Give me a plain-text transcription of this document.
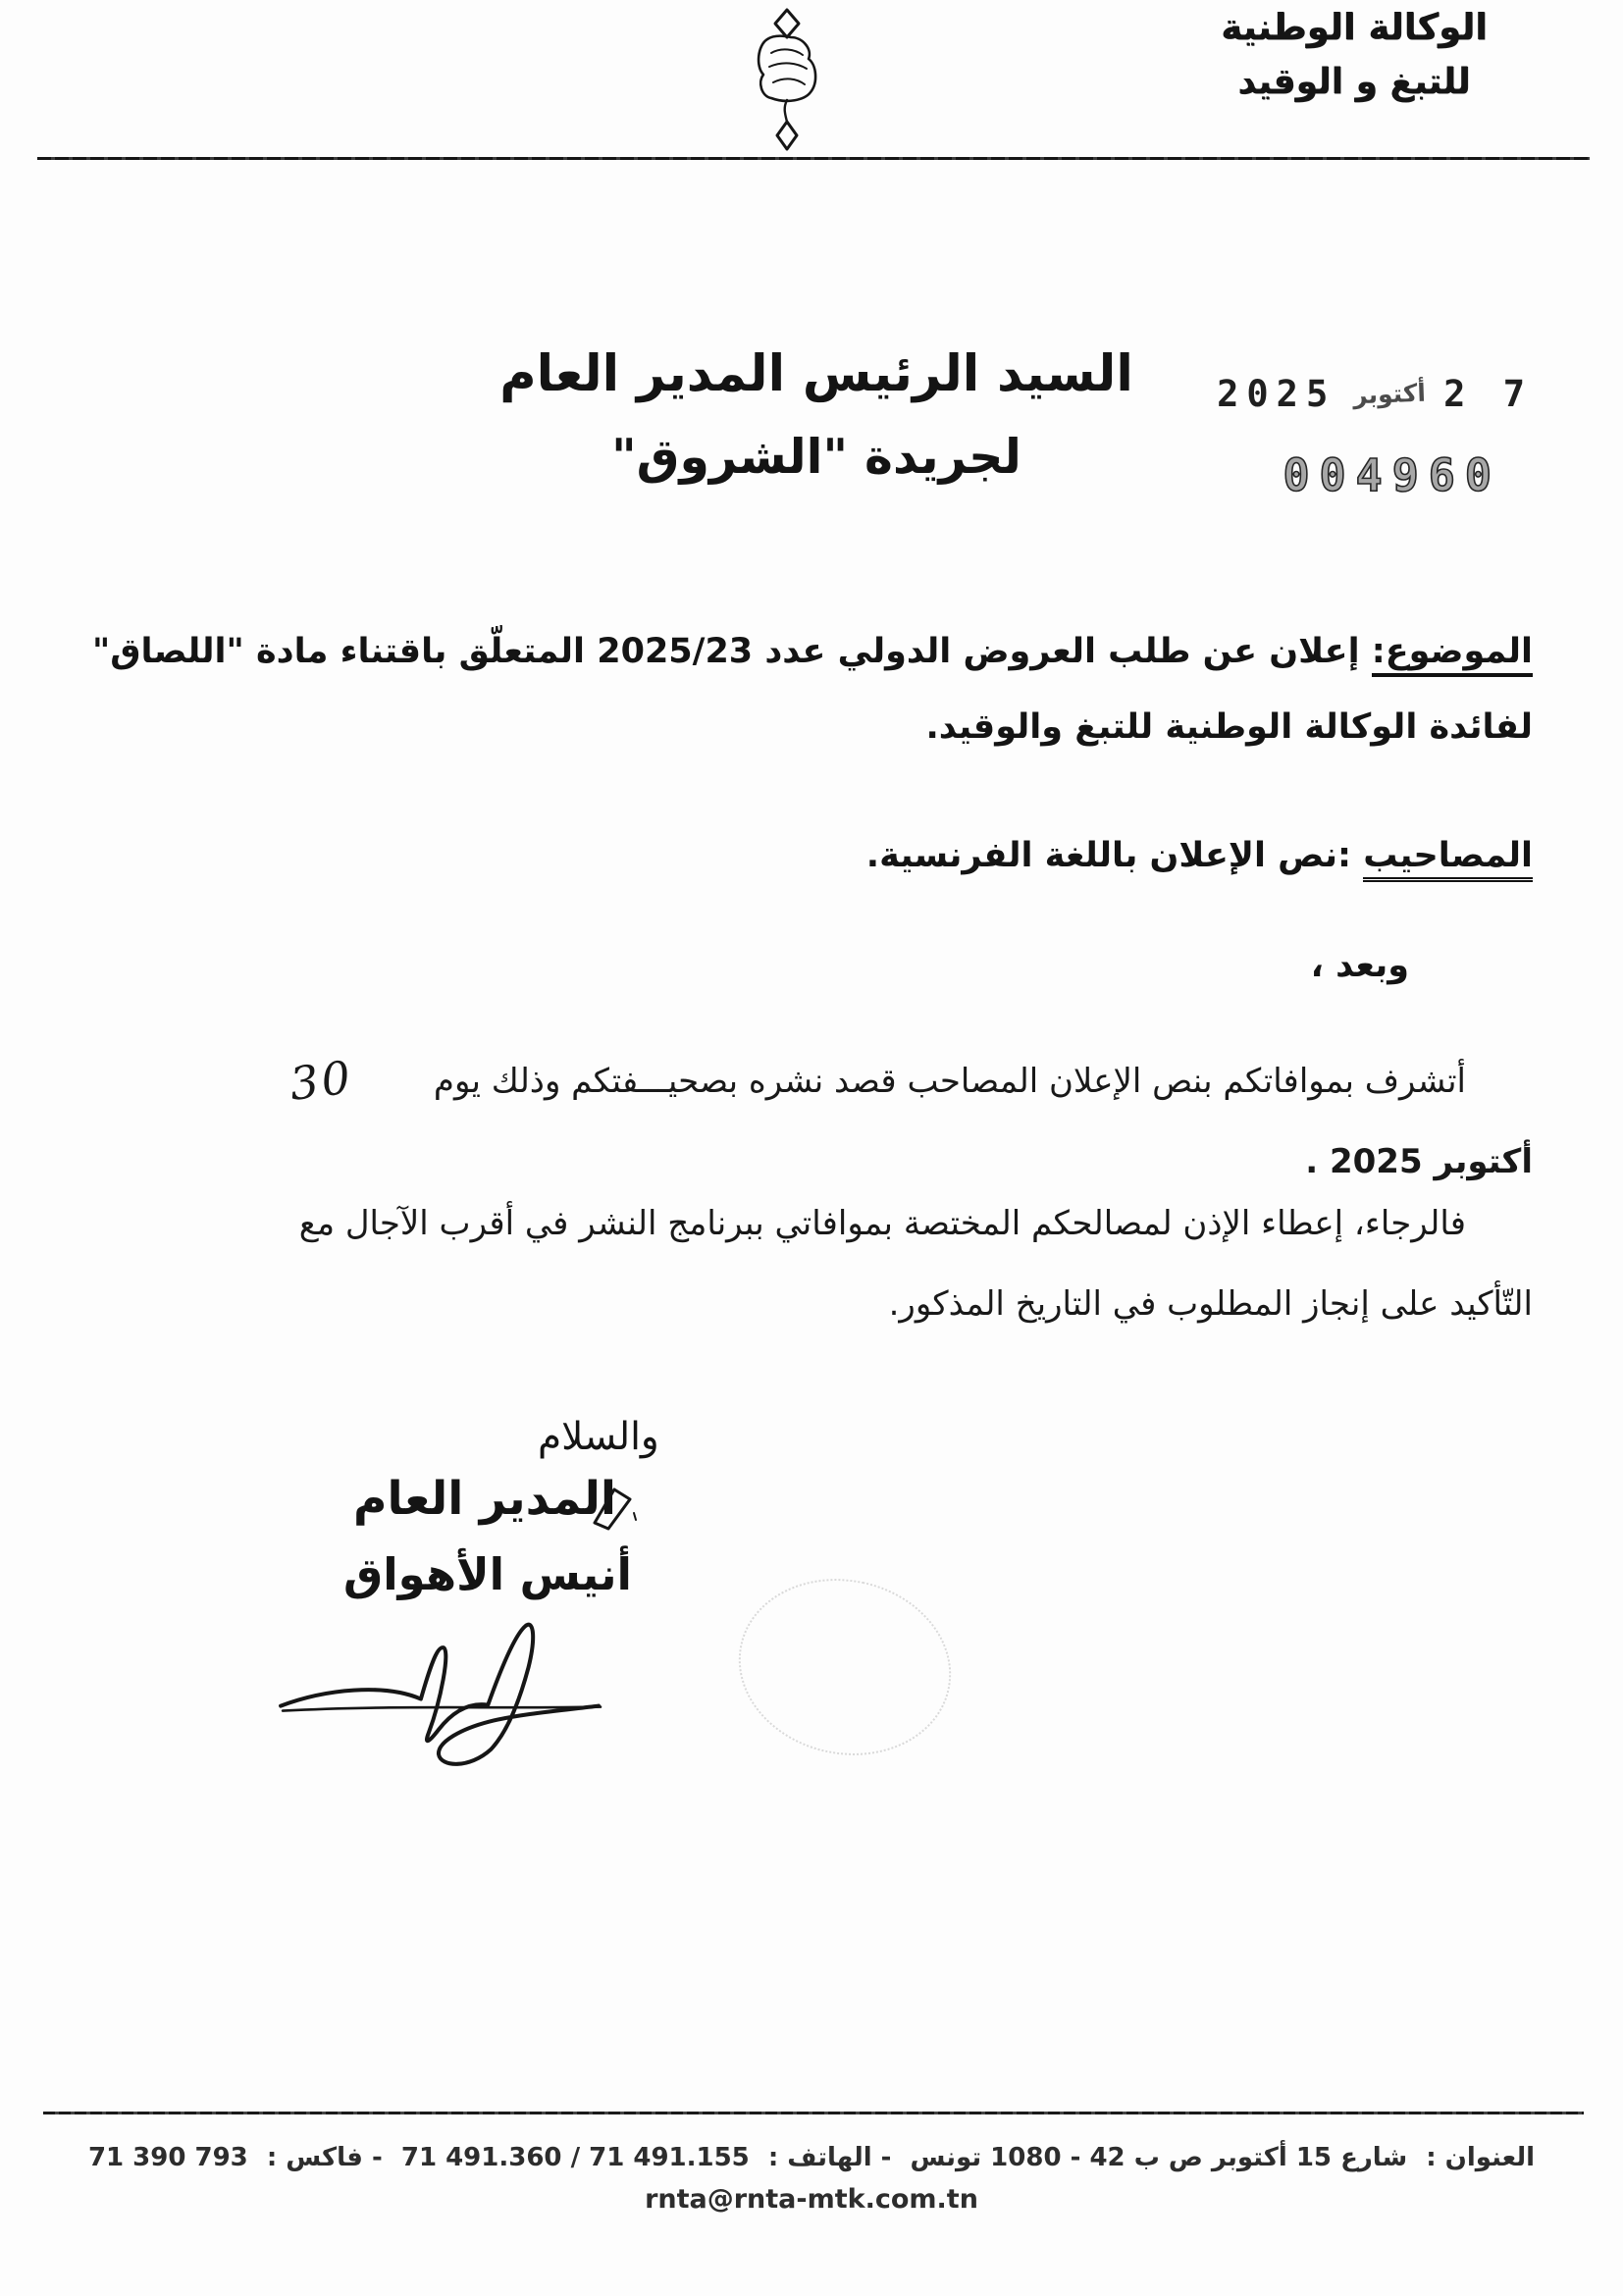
الوكالة الوطنية
للتبغ و الوقيد
2 7
أكتوبر
2025
004960
السيد الرئيس المدير العام
لجريدة "الشروق"
الموضوع: إعلان عن طلب العروض الدولي عدد 2025/23 المتعلّق باقتناء مادة "اللصاق"
لفائدة الوكالة الوطنية للتبغ والوقيد.
المصاحيب :نص الإعلان باللغة الفرنسية.
وبعد ،
أتشرف بموافاتكم بنص الإعلان المصاحب قصد نشره بصحيـــفتكم وذلك يوم30
أكتوبر 2025 .
فالرجاء، إعطاء الإذن لمصالحكم المختصة بموافاتي ببرنامج النشر في أقرب الآجال مع
التّأكيد على إنجاز المطلوب في التاريخ المذكور.
والسلام
المدير العام
أنيس الأهواق
العنوان : شارع 15 أكتوبر ص ب 42 - 1080 تونس - الهاتف : 71 491.360 / 71 491.155 - فاكس : 71 390 793
rnta@rnta-mtk.com.tn
